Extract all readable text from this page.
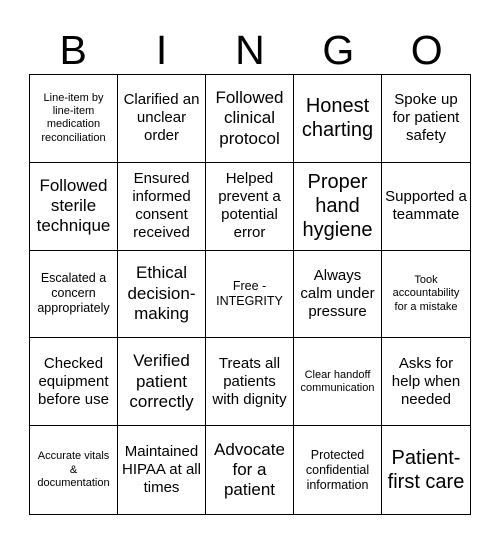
B	I	N	G	O
Line-item by line-item medication reconciliation
Clarified an unclear order
Followed clinical protocol
Honest charting
Spoke up for patient safety
Followed sterile technique
Ensured informed consent received
Helped prevent a potential error
Proper hand hygiene
Supported a teammate
Escalated a concern appropriately
Ethical decision-making
Free - INTEGRITY
Always calm under pressure
Took accountability for a mistake
Checked equipment before use
Verified patient correctly
Treats all patients with dignity
Clear handoff communication
Asks for help when needed
Accurate vitals & documentation
Maintained HIPAA at all times
Advocate for a patient
Protected confidential information
Patient-first care
